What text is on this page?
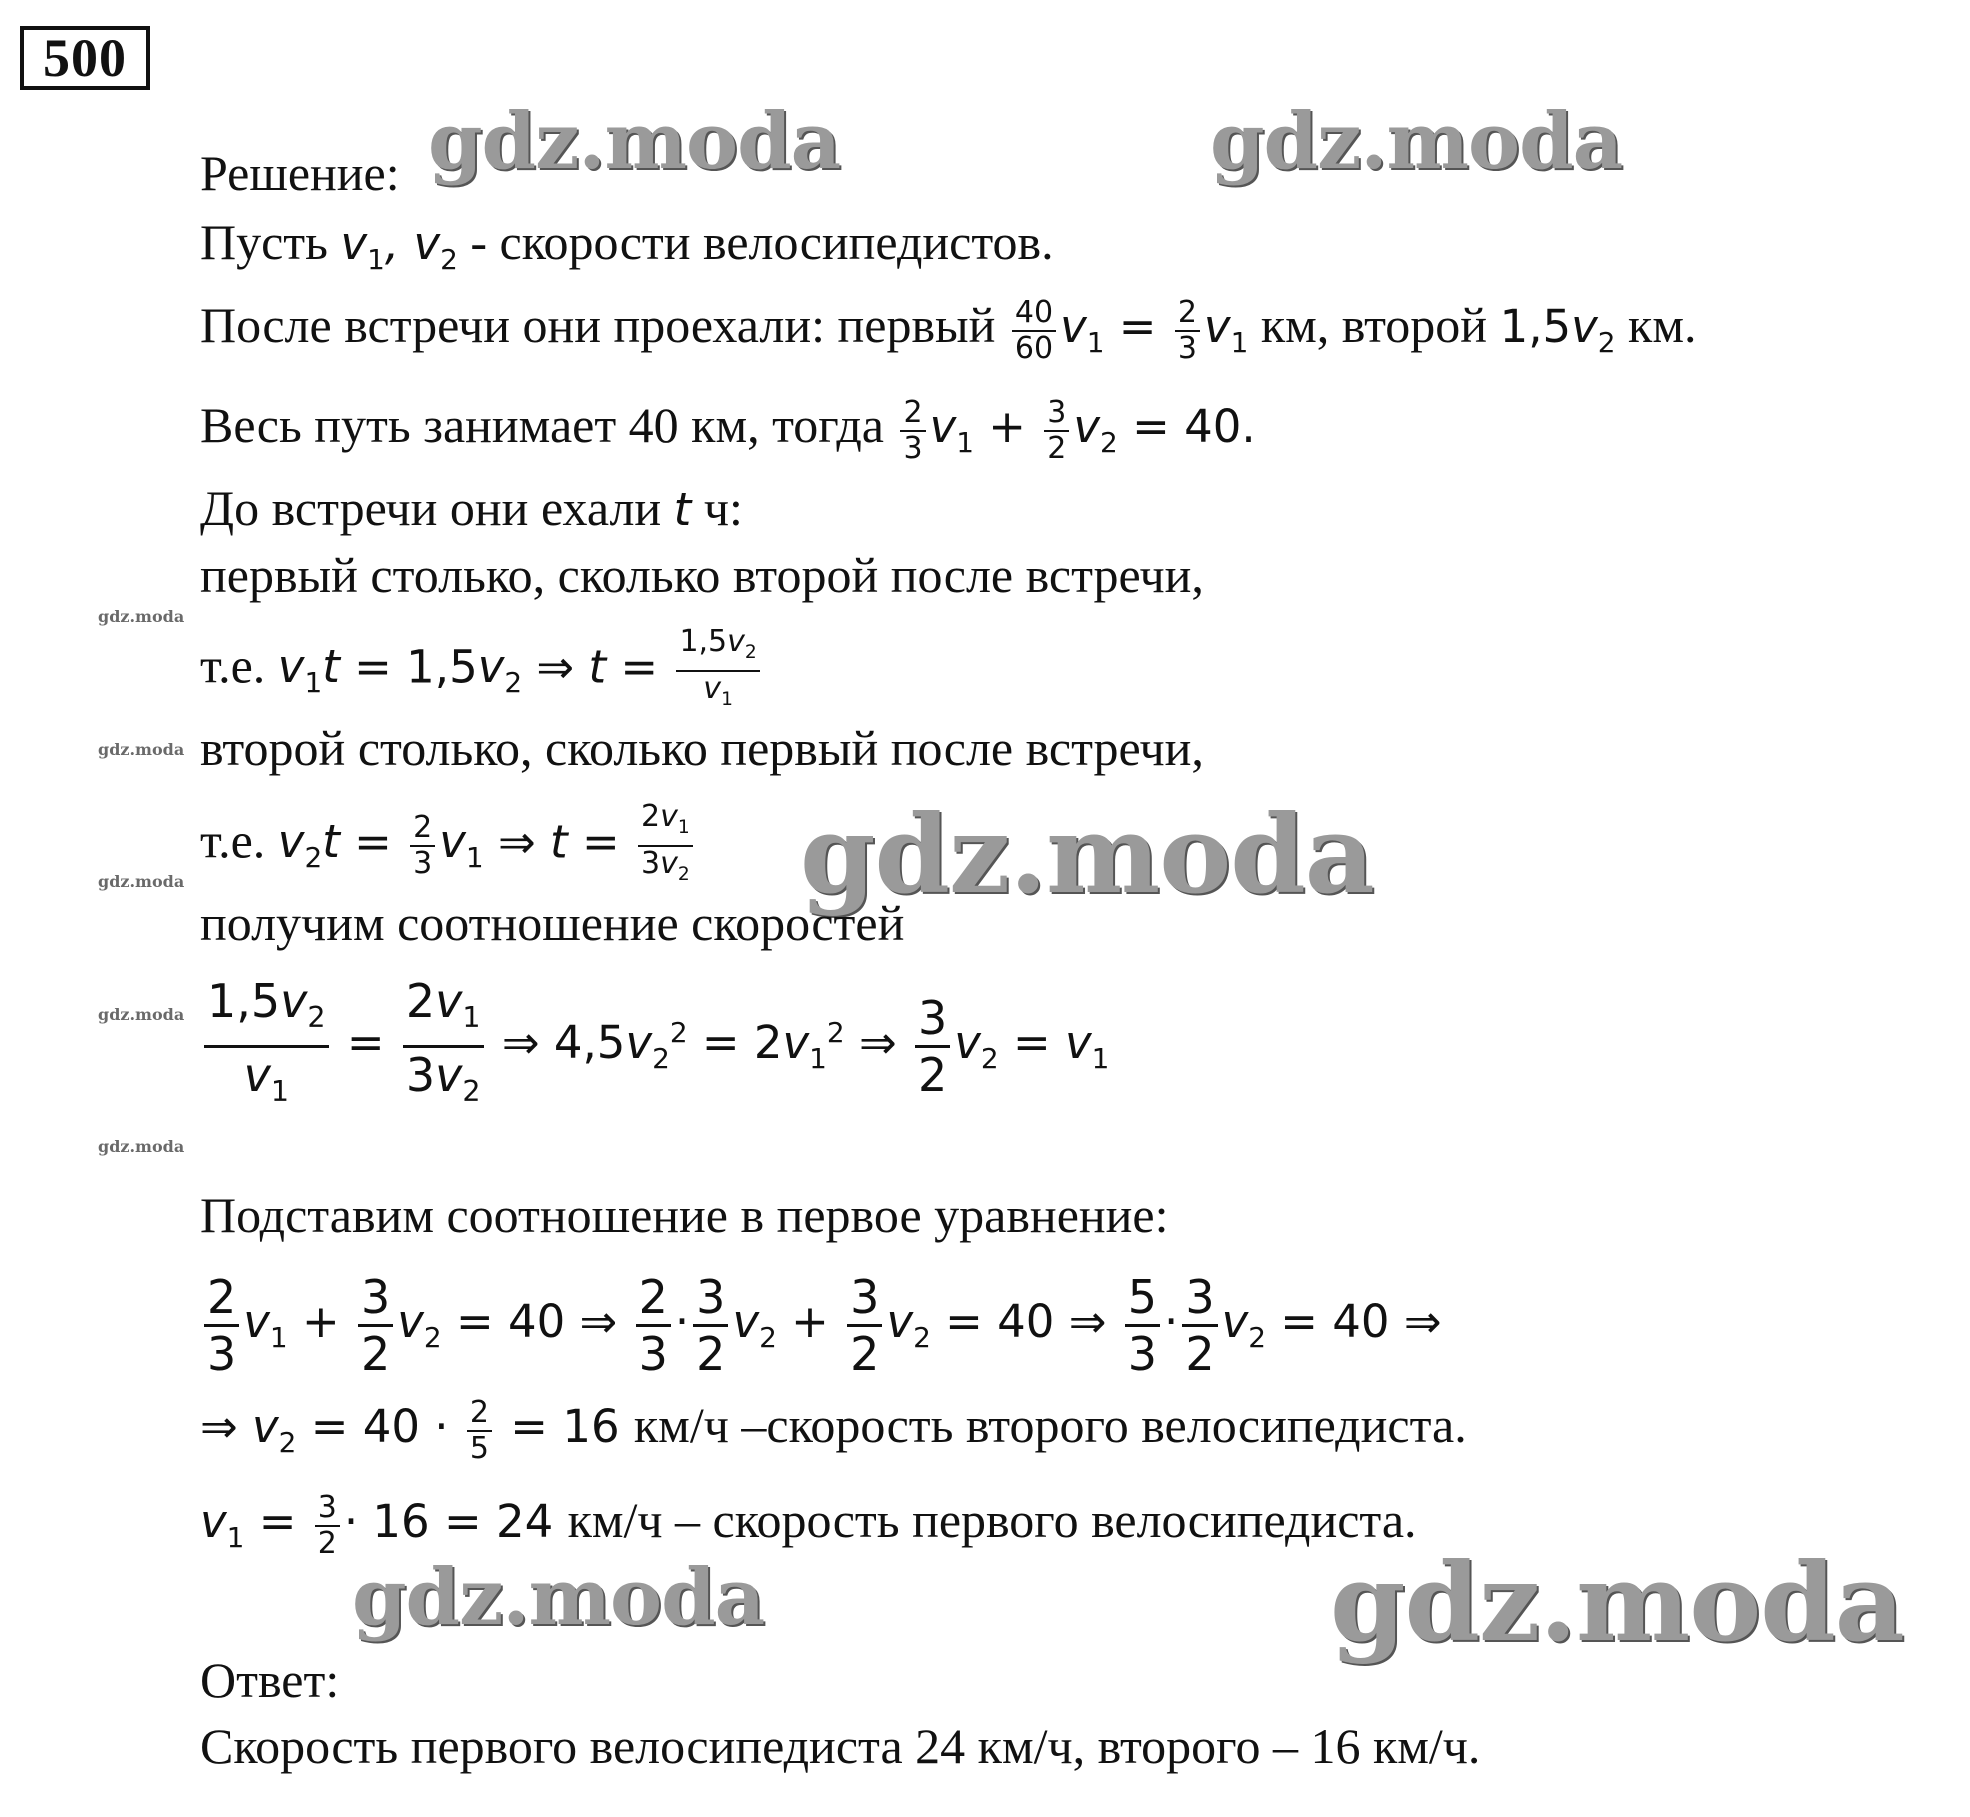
500
gdz.moda	gdz.moda
gdz.moda
gdz.moda	gdz.moda
gdz.moda
gdz.moda
gdz.moda
gdz.moda
gdz.moda
Решение:
Пусть $v_1$, $v_2$ - скорости велосипедистов.
После встречи они проехали: первый $\frac{40}{60} v_1 = \frac{2}{3} v_1$ км, второй $1,5v_2$ км.
Весь путь занимает 40 км, тогда $\frac{2}{3} v_1 + \frac{3}{2} v_2 = 40$.
До встречи они ехали t ч:
первый столько, сколько второй после встречи,
т.е. $v_1t = 1,5v_2$ ⇒ $t = \frac{1,5v_2}{v_1}$
второй столько, сколько первый после встречи,
т.е. $v_2t = \frac{2}{3} v_1$ ⇒ $t = \frac{2v_1}{3v_2}$
получим соотношение скоростей
$\frac{1,5v_2}{v_1} = \frac{2v_1}{3v_2}$ ⇒ $4,5v_2^2 = 2v_1^2$ ⇒ $\frac{3}{2} v_2 = v_1$
Подставим соотношение в первое уравнение:
$\frac{2}{3} v_1 + \frac{3}{2} v_2 = 40$ ⇒ $\frac{2}{3} \cdot \frac{3}{2} v_2 + \frac{3}{2} v_2 = 40$ ⇒ $\frac{5}{3} \cdot \frac{3}{2} v_2 = 40$ ⇒
⇒ $v_2 = 40 \cdot \frac{2}{5} = 16$ км/ч –скорость второго велосипедиста.
$v_1 = \frac{3}{2} \cdot 16 = 24$ км/ч – скорость первого велосипедиста.
Ответ:
Скорость первого велосипедиста 24 км/ч, второго – 16 км/ч.
